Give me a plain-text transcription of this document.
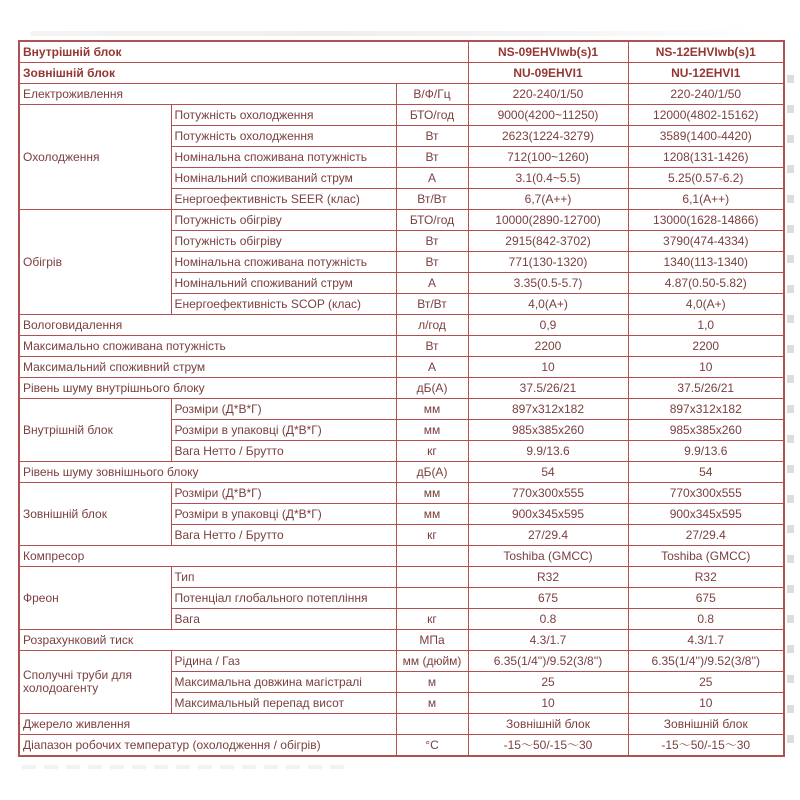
Внутрішній блок			NS-09EHVIwb(s)1	NS-12EHVIwb(s)1
Зовнішній блок			NU-09EHVI1	NU-12EHVI1
Електроживлення		В/Ф/Гц	220-240/1/50	220-240/1/50
Охолодження	Потужність охолодження	БТО/год	9000(4200~11250)	12000(4802-15162)
	Потужність охолодження	Вт	2623(1224-3279)	3589(1400-4420)
	Номінальна споживана потужність	Вт	712(100~1260)	1208(131-1426)
	Номінальний споживаний струм	А	3.1(0.4~5.5)	5.25(0.57-6.2)
	Енергоефективність SEER (клас)	Вт/Вт	6,7(А++)	6,1(А++)
Обігрів	Потужність обігріву	БТО/год	10000(2890-12700)	13000(1628-14866)
	Потужність обігріву	Вт	2915(842-3702)	3790(474-4334)
	Номінальна споживана потужність	Вт	771(130-1320)	1340(113-1340)
	Номінальний споживаний струм	А	3.35(0.5-5.7)	4.87(0.50-5.82)
	Енергоефективність SCOP (клас)	Вт/Вт	4,0(А+)	4,0(А+)
Вологовидалення		л/год	0,9	1,0
Максимально споживана потужність		Вт	2200	2200
Максимальний споживний струм		А	10	10
Рівень шуму внутрішнього блоку		дБ(А)	37.5/26/21	37.5/26/21
Внутрішній блок	Розміри (Д*В*Г)	мм	897x312x182	897x312x182
	Розміри в упаковці (Д*В*Г)	мм	985x385x260	985x385x260
	Вага Нетто / Брутто	кг	9.9/13.6	9.9/13.6
Рівень шуму зовнішнього блоку		дБ(А)	54	54
Зовнішній блок	Розміри (Д*В*Г)	мм	770x300x555	770x300x555
	Розміри в упаковці (Д*В*Г)	мм	900x345x595	900x345x595
	Вага Нетто / Брутто	кг	27/29.4	27/29.4
Компресор			Toshiba (GMCC)	Toshiba (GMCC)
Фреон	Тип		R32	R32
	Потенціал глобального потепління		675	675
	Вага	кг	0.8	0.8
Розрахунковий тиск		МПа	4.3/1.7	4.3/1.7
Сполучні труби для холодоагенту	Рідина / Газ	мм (дюйм)	6.35(1/4'')/9.52(3/8'')	6.35(1/4'')/9.52(3/8'')
	Максимальна довжина магістралі	м	25	25
	Максимальный перепад висот	м	10	10
Джерело живлення			Зовнішній блок	Зовнішній блок
Діапазон робочих температур (охолодження / обігрів)		°С	-15～50/-15～30	-15～50/-15～30
